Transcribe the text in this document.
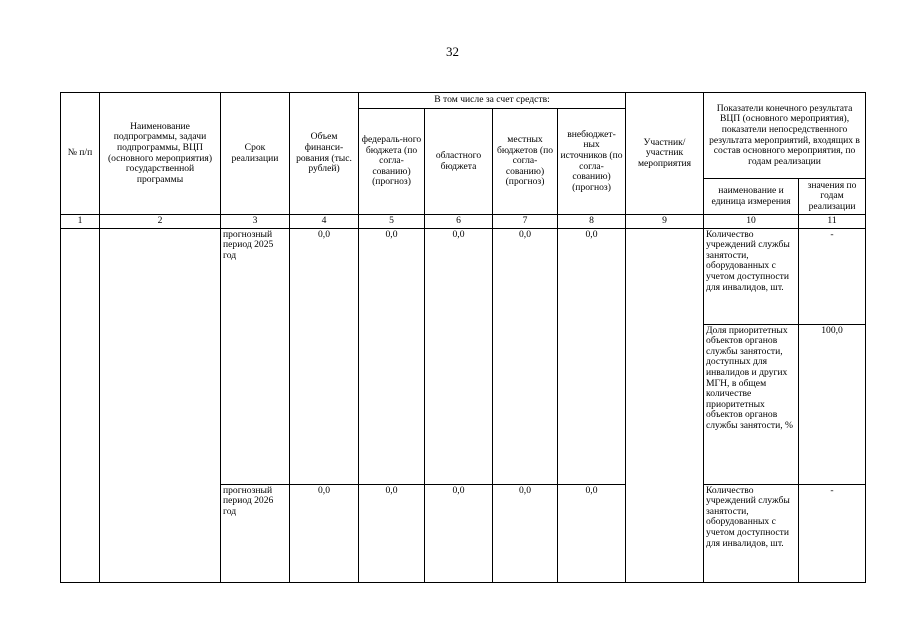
32
№ п/п	Наименование подпрограммы, задачи подпрограммы, ВЦП (основного мероприятия) государственной программы	Срок реализации	Объем финанси-рования (тыс. рублей)	В том числе за счет средств:				Участник/ участник мероприятия	Показатели конечного результата ВЦП (основного мероприятия), показатели непосредственного результата мероприятий, входящих в состав основного мероприятия, по годам реализации	
				федераль-ного бюджета (по согла-сованию) (прогноз)	областного бюджета	местных бюджетов (по согла-сованию) (прогноз)	внебюджет-ных источников (по согла-сованию) (прогноз)			
									наименование и единица измерения	значения по годам реализации
1	2	3	4	5	6	7	8	9	10	11
		прогнозный период 2025 год	0,0	0,0	0,0	0,0	0,0		Количество учреждений службы занятости, оборудованных с учетом доступности для инвалидов, шт.	-
									Доля приоритетных объектов органов службы занятости, доступных для инвалидов и других МГН, в общем количестве приоритетных объектов органов службы занятости, %	100,0
		прогнозный период 2026 год	0,0	0,0	0,0	0,0	0,0		Количество учреждений службы занятости, оборудованных с учетом доступности для инвалидов, шт.	-
